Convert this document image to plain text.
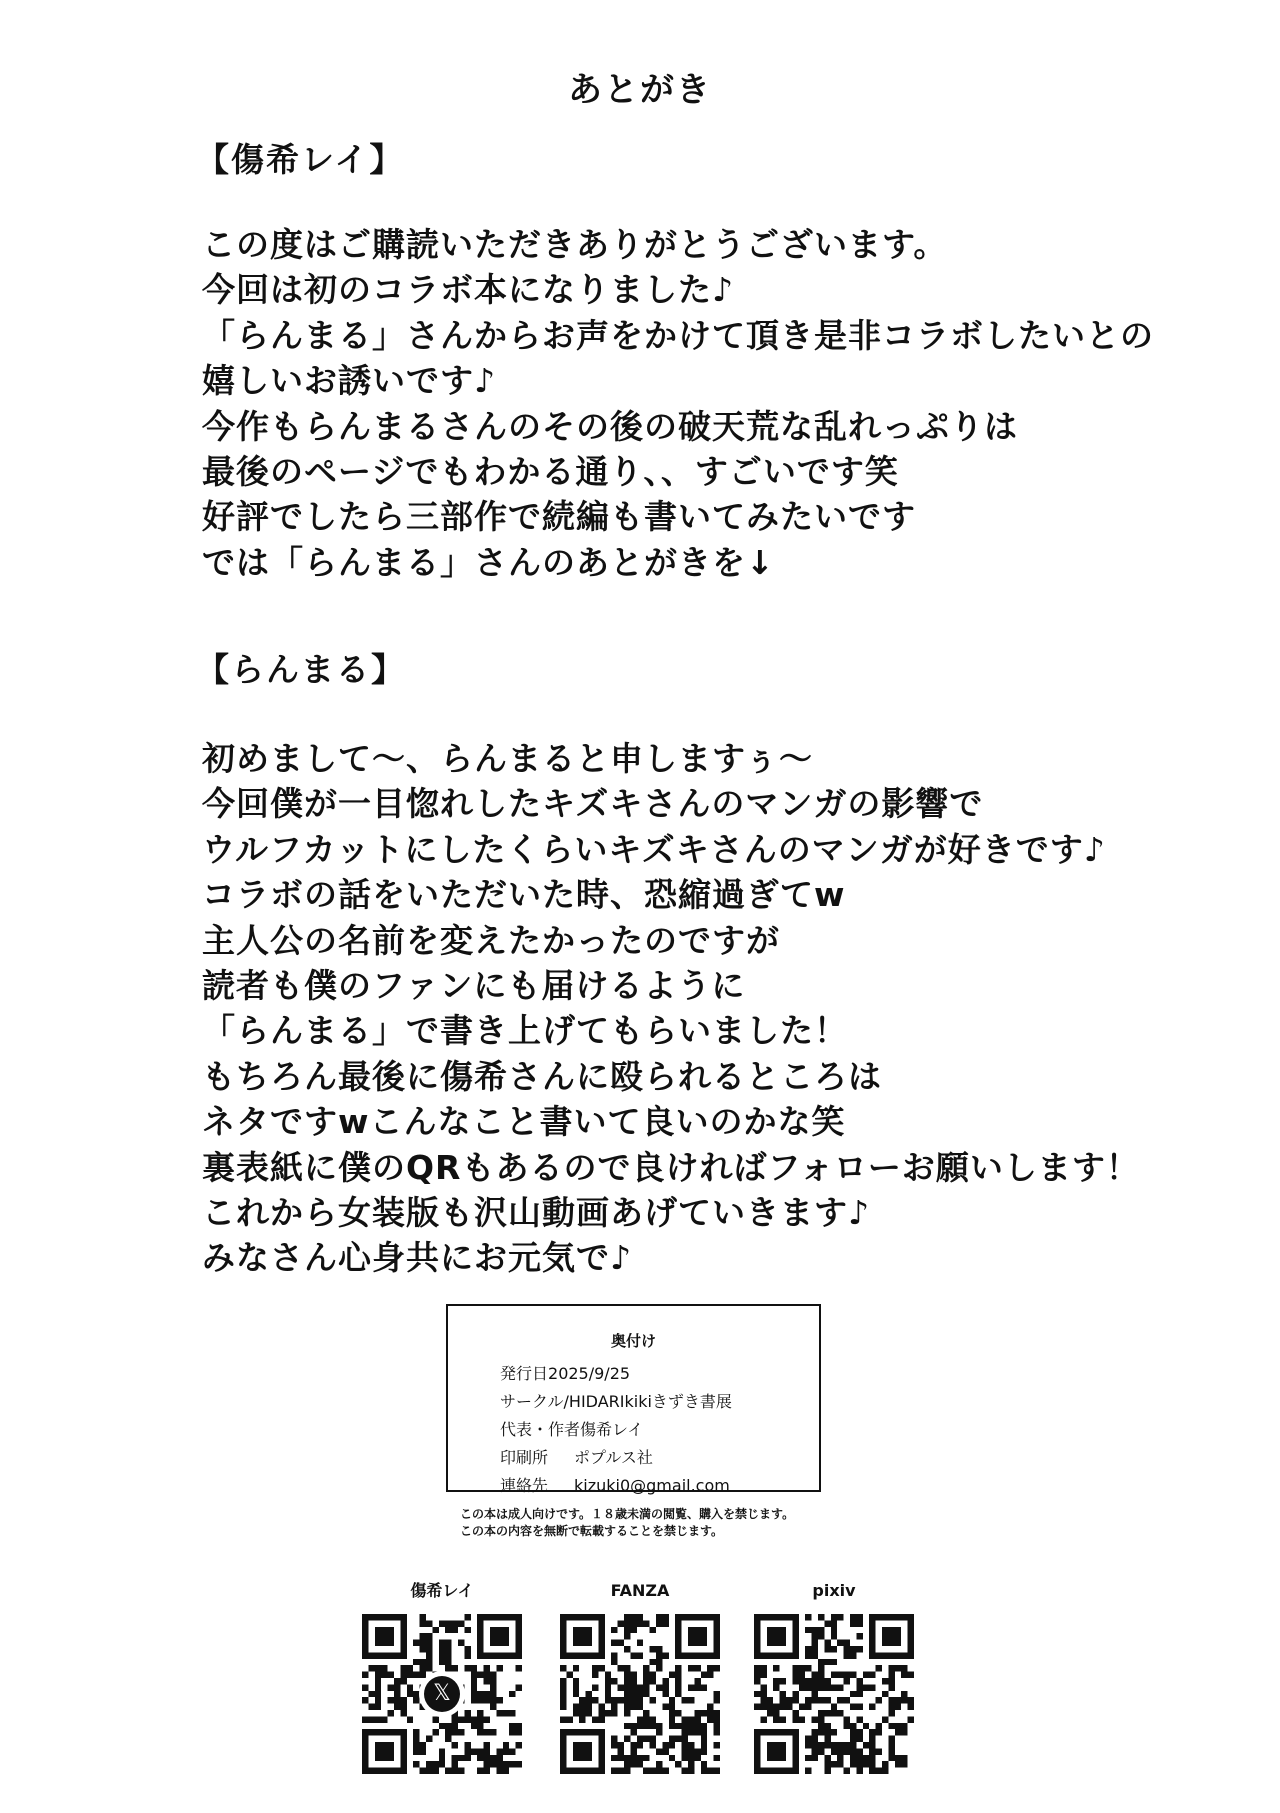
あとがき
【傷希レイ】
この度はご購読いただきありがとうございます。
今回は初のコラボ本になりました♪
「らんまる」さんからお声をかけて頂き是非コラボしたいとの
嬉しいお誘いです♪
今作もらんまるさんのその後の破天荒な乱れっぷりは
最後のページでもわかる通り、、すごいです笑
好評でしたら三部作で続編も書いてみたいです
では「らんまる」さんのあとがきを↓
【らんまる】
初めまして〜、らんまると申しますぅ〜
今回僕が一目惚れしたキズキさんのマンガの影響で
ウルフカットにしたくらいキズキさんのマンガが好きです♪
コラボの話をいただいた時、恐縮過ぎてw
主人公の名前を変えたかったのですが
読者も僕のファンにも届けるように
「らんまる」で書き上げてもらいました！
もちろん最後に傷希さんに殴られるところは
ネタですwこんなこと書いて良いのかな笑
裏表紙に僕のQRもあるので良ければフォローお願いします！
これから女装版も沢山動画あげていきます♪
みなさん心身共にお元気で♪
奥付け
発行日2025/9/25
サークル/HIDARIkikiきずき書展
代表・作者傷希レイ
印刷所 ポプルス社
連絡先 kizuki0@gmail.com
この本は成人向けです。１８歳未満の閲覧、購入を禁じます。
この本の内容を無断で転載することを禁じます。
傷希レイ
𝕏
FANZA	pixiv
